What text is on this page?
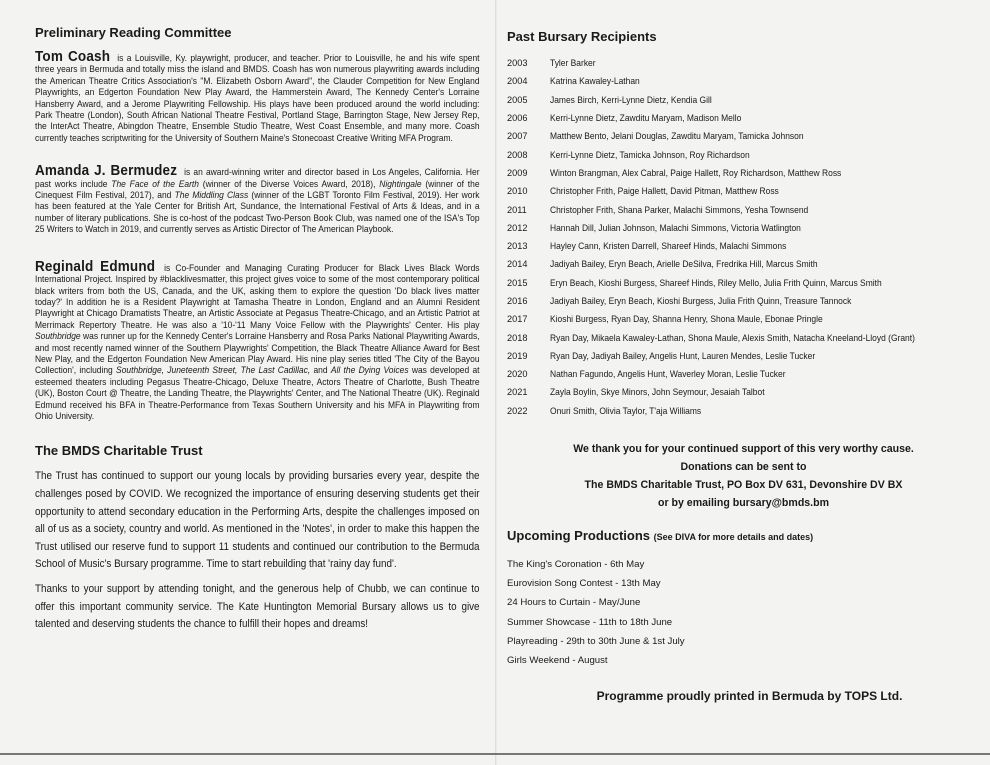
Preliminary Reading Committee

Tom Coash is a Louisville, Ky. playwright, producer, and teacher. Prior to Louisville, he and his wife spent three years in Bermuda and totally miss the island and BMDS. Coash has won numerous playwriting awards including the American Theatre Critics Association's "M. Elizabeth Osborn Award", the Clauder Competition for New England Playwrights, an Edgerton Foundation New Play Award, the Hammerstein Award, The Kennedy Center's Lorraine Hansberry Award, and a Jerome Playwriting Fellowship. His plays have been produced around the world including: Park Theatre (London), South African National Theatre Festival, Portland Stage, Barrington Stage, New Jersey Rep, the InterAct Theatre, Abingdon Theatre, Ensemble Studio Theatre, West Coast Ensemble, and many more. Coash currently teaches scriptwriting for the University of Southern Maine's Stonecoast Creative Writing MFA Program.

Amanda J. Bermudez is an award-winning writer and director based in Los Angeles, California. Her past works include The Face of the Earth (winner of the Diverse Voices Award, 2018), Nightingale (winner of the Cinequest Film Festival, 2017), and The Middling Class (winner of the LGBT Toronto Film Festival, 2019). Her work has been featured at the Yale Center for British Art, Sundance, the International Festival of Arts & Ideas, and in a number of literary publications. She is co-host of the podcast Two-Person Book Club, was named one of the ISA's Top 25 Writers to Watch in 2019, and currently serves as Artistic Director of The American Playbook.

Reginald Edmund is Co-Founder and Managing Curating Producer for Black Lives Black Words International Project. Inspired by #blacklivesmatter, this project gives voice to some of the most contemporary political black writers from both the US, Canada, and the UK, asking them to explore the question 'Do black lives matter today?' In addition he is a Resident Playwright at Tamasha Theatre in London, England and an Alumni Resident Playwright at Chicago Dramatists Theatre, an Artistic Associate at Pegasus Theatre-Chicago, and an Artistic Patriot at Merrimack Repertory Theatre. He was also a '10-'11 Many Voice Fellow with the Playwrights' Center. His play Southbridge was runner up for the Kennedy Center's Lorraine Hansberry and Rosa Parks National Playwriting Awards, and most recently named winner of the Southern Playwrights' Competition, the Black Theatre Alliance Award for Best New Play, and the Edgerton Foundation New American Play Award. His nine play series titled 'The City of the Bayou Collection', including Southbridge, Juneteenth Street, The Last Cadillac, and All the Dying Voices was developed at esteemed theaters including Pegasus Theatre-Chicago, Deluxe Theatre, Actors Theatre of Charlotte, Bush Theatre (UK), Boston Court @ Theatre, the Landing Theatre, the Playwrights' Center, and The National Theatre (UK). Reginald Edmund received his BFA in Theatre-Performance from Texas Southern University and his MFA in Playwriting from Ohio University.

The BMDS Charitable Trust

The Trust has continued to support our young locals by providing bursaries every year, despite the challenges posed by COVID. We recognized the importance of ensuring deserving students get their opportunity to attend secondary education in the Performing Arts, despite the challenges imposed on all of us as a society, country and world. As mentioned in the 'Notes', in order to make this happen the Trust utilised our reserve fund to support 11 students and continued our contribution to the Bermuda School of Music's Bursary programme. Time to start rebuilding that 'rainy day fund'.

Thanks to your support by attending tonight, and the generous help of Chubb, we can continue to offer this important community service. The Kate Huntington Memorial Bursary allows us to give talented and deserving students the chance to fulfill their hopes and dreams!

Past Bursary Recipients
2003	Tyler Barker
2004	Katrina Kawaley-Lathan
2005	James Birch, Kerri-Lynne Dietz, Kendia Gill
2006	Kerri-Lynne Dietz, Zawditu Maryam, Madison Mello
2007	Matthew Bento, Jelani Douglas, Zawditu Maryam, Tamicka Johnson
2008	Kerri-Lynne Dietz, Tamicka Johnson, Roy Richardson
2009	Winton Brangman, Alex Cabral, Paige Hallett, Roy Richardson, Matthew Ross
2010	Christopher Frith, Paige Hallett, David Pitman, Matthew Ross
2011	Christopher Frith, Shana Parker, Malachi Simmons, Yesha Townsend
2012	Hannah Dill, Julian Johnson, Malachi Simmons, Victoria Watlington
2013	Hayley Cann, Kristen Darrell, Shareef Hinds, Malachi Simmons
2014	Jadiyah Bailey, Eryn Beach, Arielle DeSilva, Fredrika Hill, Marcus Smith
2015	Eryn Beach, Kioshi Burgess, Shareef Hinds, Riley Mello, Julia Frith Quinn, Marcus Smith
2016	Jadiyah Bailey, Eryn Beach, Kioshi Burgess, Julia Frith Quinn, Treasure Tannock
2017	Kioshi Burgess, Ryan Day, Shanna Henry, Shona Maule, Ebonae Pringle
2018	Ryan Day, Mikaela Kawaley-Lathan, Shona Maule, Alexis Smith, Natacha Kneeland-Lloyd (Grant)
2019	Ryan Day, Jadiyah Bailey, Angelis Hunt, Lauren Mendes, Leslie Tucker
2020	Nathan Fagundo, Angelis Hunt, Waverley Moran, Leslie Tucker
2021	Zayla Boylin, Skye Minors, John Seymour, Jesaiah Talbot
2022	Onuri Smith, Olivia Taylor, T'aja Williams
We thank you for your continued support of this very worthy cause.
Donations can be sent to
The BMDS Charitable Trust, PO Box DV 631, Devonshire DV BX
or by emailing bursary@bmds.bm
Upcoming Productions (See DIVA for more details and dates)
The King's Coronation - 6th May
Eurovision Song Contest - 13th May
24 Hours to Curtain - May/June
Summer Showcase - 11th to 18th June
Playreading - 29th to 30th June & 1st July
Girls Weekend - August
Programme proudly printed in Bermuda by TOPS Ltd.
